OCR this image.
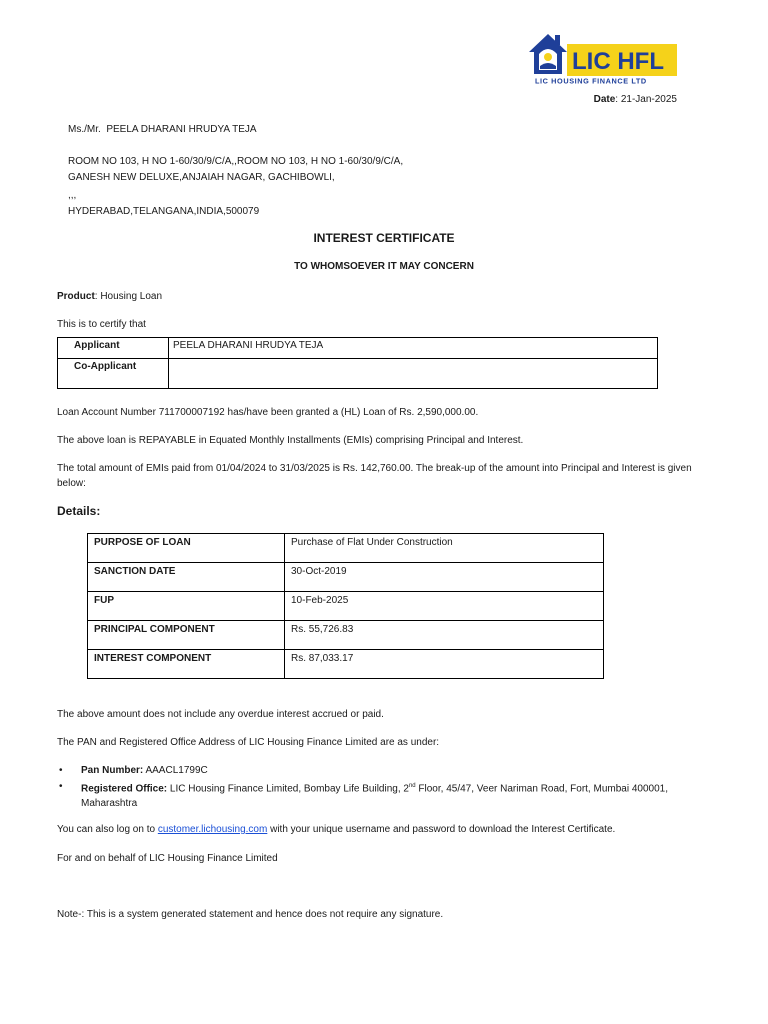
LIC HFL
LIC HOUSING FINANCE LTD
Date: 21-Jan-2025
Ms./Mr.  PEELA DHARANI HRUDYA TEJA
ROOM NO 103, H NO 1-60/30/9/C/A,,ROOM NO 103, H NO 1-60/30/9/C/A,
GANESH NEW DELUXE,ANJAIAH NAGAR, GACHIBOWLI,
,,,
HYDERABAD,TELANGANA,INDIA,500079
INTEREST CERTIFICATE
TO WHOMSOEVER IT MAY CONCERN
Product: Housing Loan
This is to certify that
Applicant	PEELA DHARANI HRUDYA TEJA
Co-Applicant	
Loan Account Number 711700007192 has/have been granted a (HL) Loan of Rs. 2,590,000.00.
The above loan is REPAYABLE in Equated Monthly Installments (EMIs) comprising Principal and Interest.
The total amount of EMIs paid from 01/04/2024 to 31/03/2025 is Rs. 142,760.00. The break-up of the amount into Principal and Interest is given below:
Details:
PURPOSE OF LOAN	Purchase of Flat Under Construction
SANCTION DATE	30-Oct-2019
FUP	10-Feb-2025
PRINCIPAL COMPONENT	Rs. 55,726.83
INTEREST COMPONENT	Rs. 87,033.17
The above amount does not include any overdue interest accrued or paid.
The PAN and Registered Office Address of LIC Housing Finance Limited are as under:
• Pan Number: AAACL1799C
• Registered Office: LIC Housing Finance Limited, Bombay Life Building, 2nd Floor, 45/47, Veer Nariman Road, Fort, Mumbai 400001, Maharashtra
You can also log on to customer.lichousing.com with your unique username and password to download the Interest Certificate.
For and on behalf of LIC Housing Finance Limited
Note-: This is a system generated statement and hence does not require any signature.
